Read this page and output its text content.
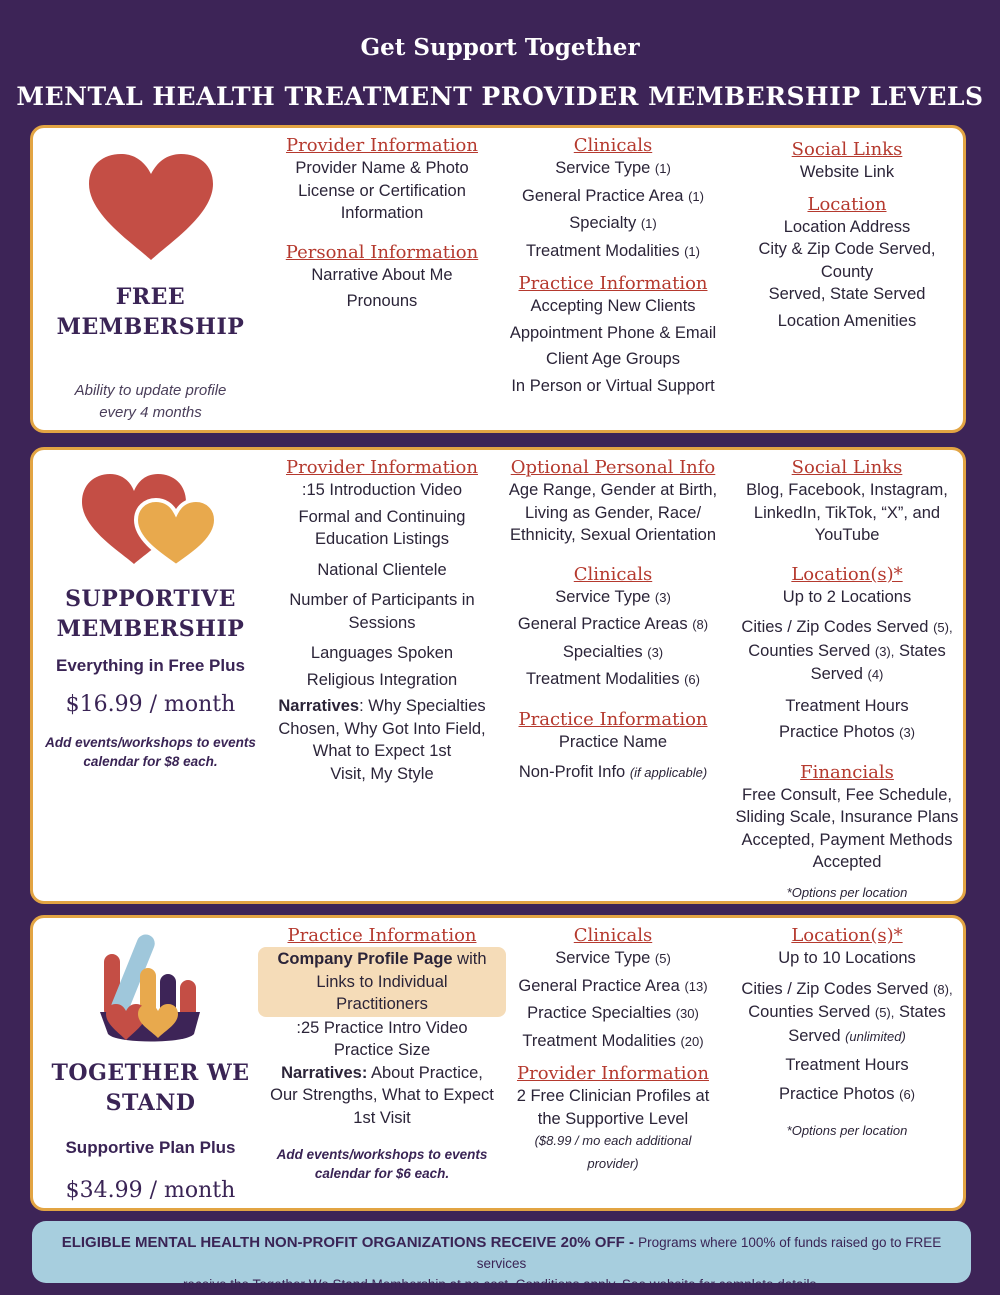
Get Support Together
MENTAL HEALTH TREATMENT PROVIDER MEMBERSHIP LEVELS
FREE
MEMBERSHIP
Ability to update profile
every 4 months
Provider Information
Provider Name & Photo
License or Certification
Information
Personal Information
Narrative About Me
Pronouns
Clinicals
Service Type (1)
General Practice Area (1)
Specialty (1)
Treatment Modalities (1)
Practice Information
Accepting New Clients
Appointment Phone & Email
Client Age Groups
In Person or Virtual Support
Social Links
Website Link
Location
Location Address
City & Zip Code Served, County
Served, State Served
Location Amenities
SUPPORTIVE
MEMBERSHIP
Everything in Free Plus
$16.99 / month
Add events/workshops to events
calendar for $8 each.
Provider Information
:15 Introduction Video
Formal and Continuing
Education Listings
National Clientele
Number of Participants in
Sessions
Languages Spoken
Religious Integration
Narratives: Why Specialties
Chosen, Why Got Into Field,
What to Expect 1st
Visit, My Style
Optional Personal Info
Age Range, Gender at Birth,
Living as Gender, Race/
Ethnicity, Sexual Orientation
Clinicals
Service Type (3)
General Practice Areas (8)
Specialties (3)
Treatment Modalities (6)
Practice Information
Practice Name
Non-Profit Info (if applicable)
Social Links
Blog, Facebook, Instagram,
LinkedIn, TikTok, “X”, and
YouTube
Location(s)*
Up to 2 Locations
Cities / Zip Codes Served (5),
Counties Served (3), States
Served (4)
Treatment Hours
Practice Photos (3)
Financials
Free Consult, Fee Schedule,
Sliding Scale, Insurance Plans
Accepted, Payment Methods
Accepted
*Options per location
TOGETHER WE
STAND
Supportive Plan Plus
$34.99 / month
Practice Information
Company Profile Page with
Links to Individual
Practitioners
:25 Practice Intro Video
Practice Size
Narratives: About Practice,
Our Strengths, What to Expect
1st Visit
Add events/workshops to events
calendar for $6 each.
Clinicals
Service Type (5)
General Practice Area (13)
Practice Specialties (30)
Treatment Modalities (20)
Provider Information
2 Free Clinician Profiles at
the Supportive Level
($8.99 / mo each additional
provider)
Location(s)*
Up to 10 Locations
Cities / Zip Codes Served (8),
Counties Served (5), States
Served (unlimited)
Treatment Hours
Practice Photos (6)
*Options per location
ELIGIBLE MENTAL HEALTH NON-PROFIT ORGANIZATIONS RECEIVE 20% OFF - Programs where 100% of funds raised go to FREE services
receive the Together We Stand Membership at no cost. Conditions apply. See website for complete details.
